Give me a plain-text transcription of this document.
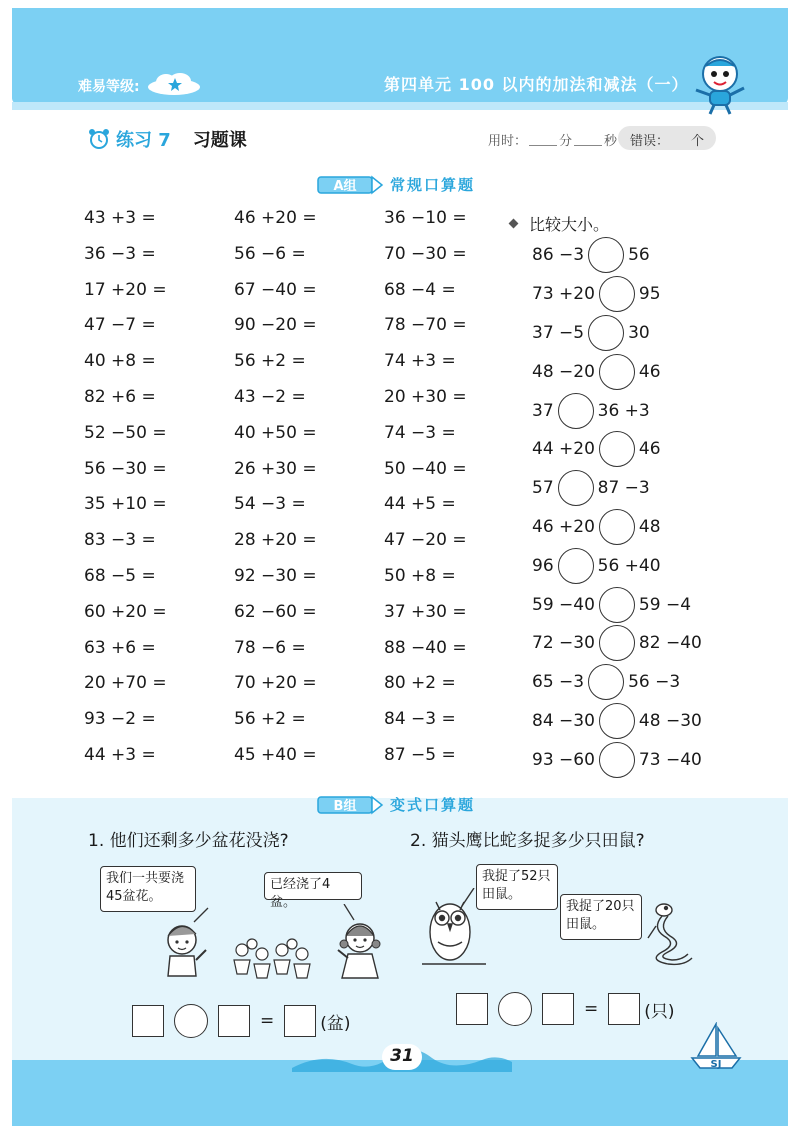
难易等级:	第四单元 100 以内的加法和减法（一）
练习 7 习题课	用时： 分 秒 错误： 个
A组 常规口算题
43 +3 =
36 −3 =
17 +20 =
47 −7 =
40 +8 =
82 +6 =
52 −50 =
56 −30 =
35 +10 =
83 −3 =
68 −5 =
60 +20 =
63 +6 =
20 +70 =
93 −2 =
44 +3 =
46 +20 =
56 −6 =
67 −40 =
90 −20 =
56 +2 =
43 −2 =
40 +50 =
26 +30 =
54 −3 =
28 +20 =
92 −30 =
62 −60 =
78 −6 =
70 +20 =
56 +2 =
45 +40 =
36 −10 =
70 −30 =
68 −4 =
78 −70 =
74 +3 =
20 +30 =
74 −3 =
50 −40 =
44 +5 =
47 −20 =
50 +8 =
37 +30 =
88 −40 =
80 +2 =
84 −3 =
87 −5 =
比较大小。
86 −3	56
73 +20	95
37 −5	30
48 −20	46
37	36 +3
44 +20	46
57	87 −3
46 +20	48
96	56 +40
59 −40	59 −4
72 −30	82 −40
65 −3	56 −3
84 −30	48 −30
93 −60	73 −40
B组 变式口算题
1. 他们还剩多少盆花没浇?	2. 猫头鹰比蛇多捉多少只田鼠?
我们一共要浇45盆花。
已经浇了4盆。
=	(盆)
我捉了52只田鼠。
我捉了20只田鼠。
=	(只)
31	SJ
